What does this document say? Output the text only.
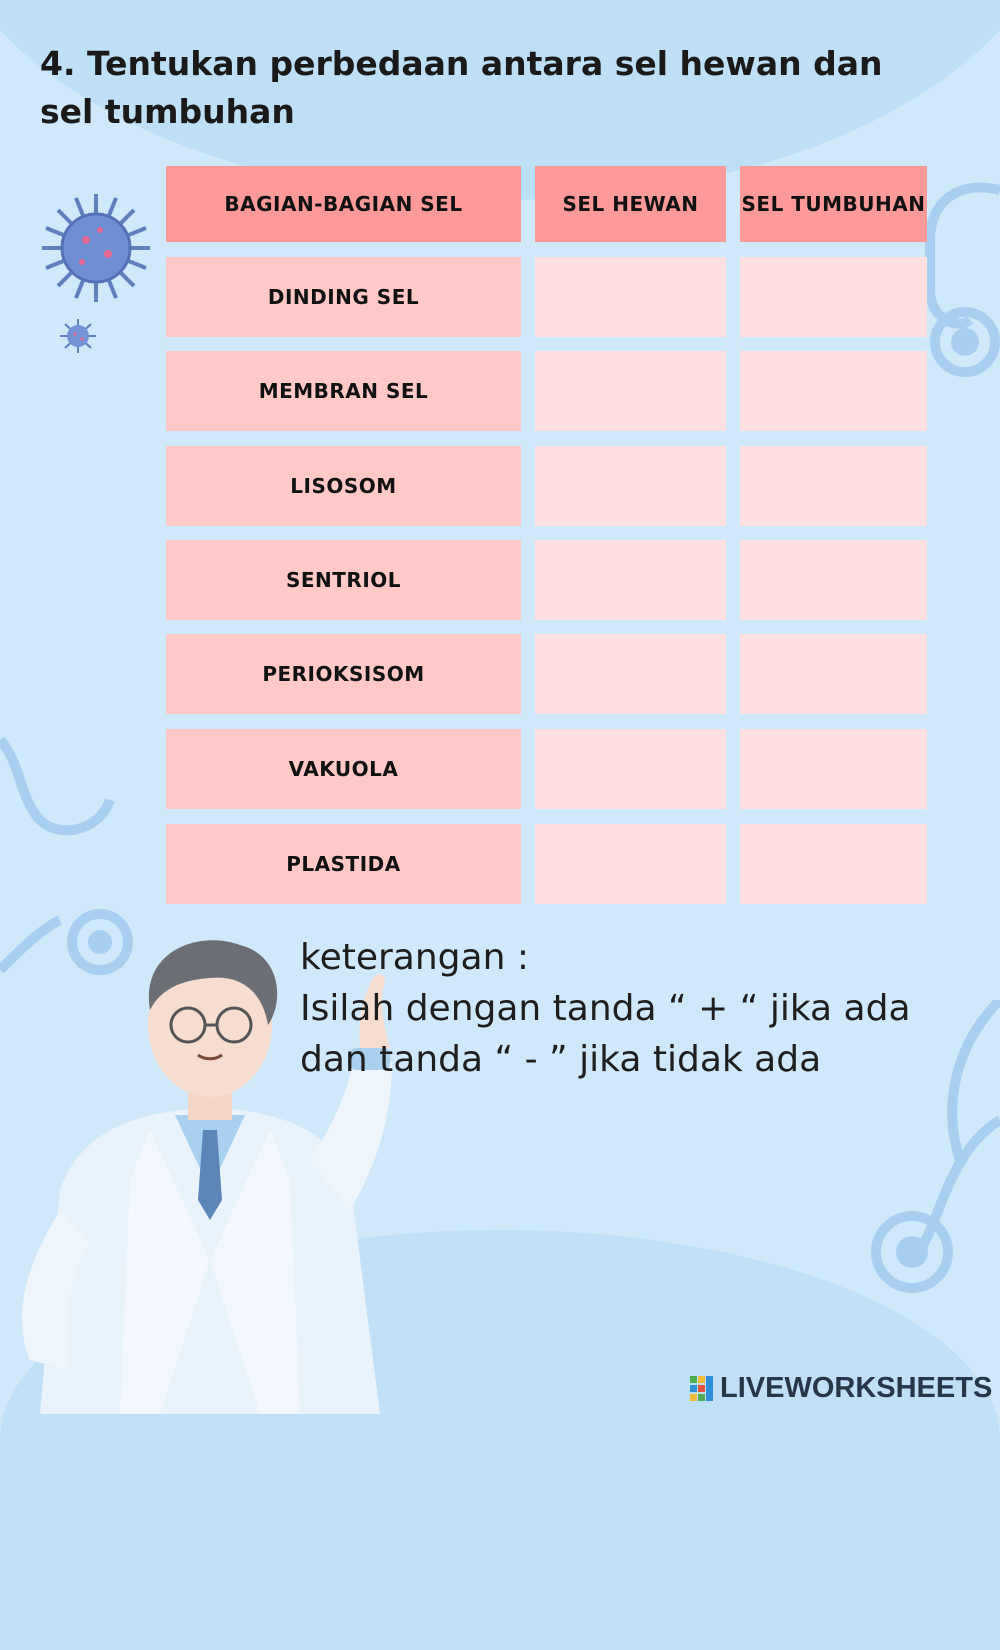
4. Tentukan perbedaan antara sel hewan dan sel tumbuhan
BAGIAN-BAGIAN SEL	SEL HEWAN	SEL TUMBUHAN
DINDING SEL
MEMBRAN SEL
LISOSOM
SENTRIOL
PERIOKSISOM
VAKUOLA
PLASTIDA
keterangan :
Isilah dengan tanda “ + “ jika ada
dan tanda “ - ” jika tidak ada
LIVEWORKSHEETS
